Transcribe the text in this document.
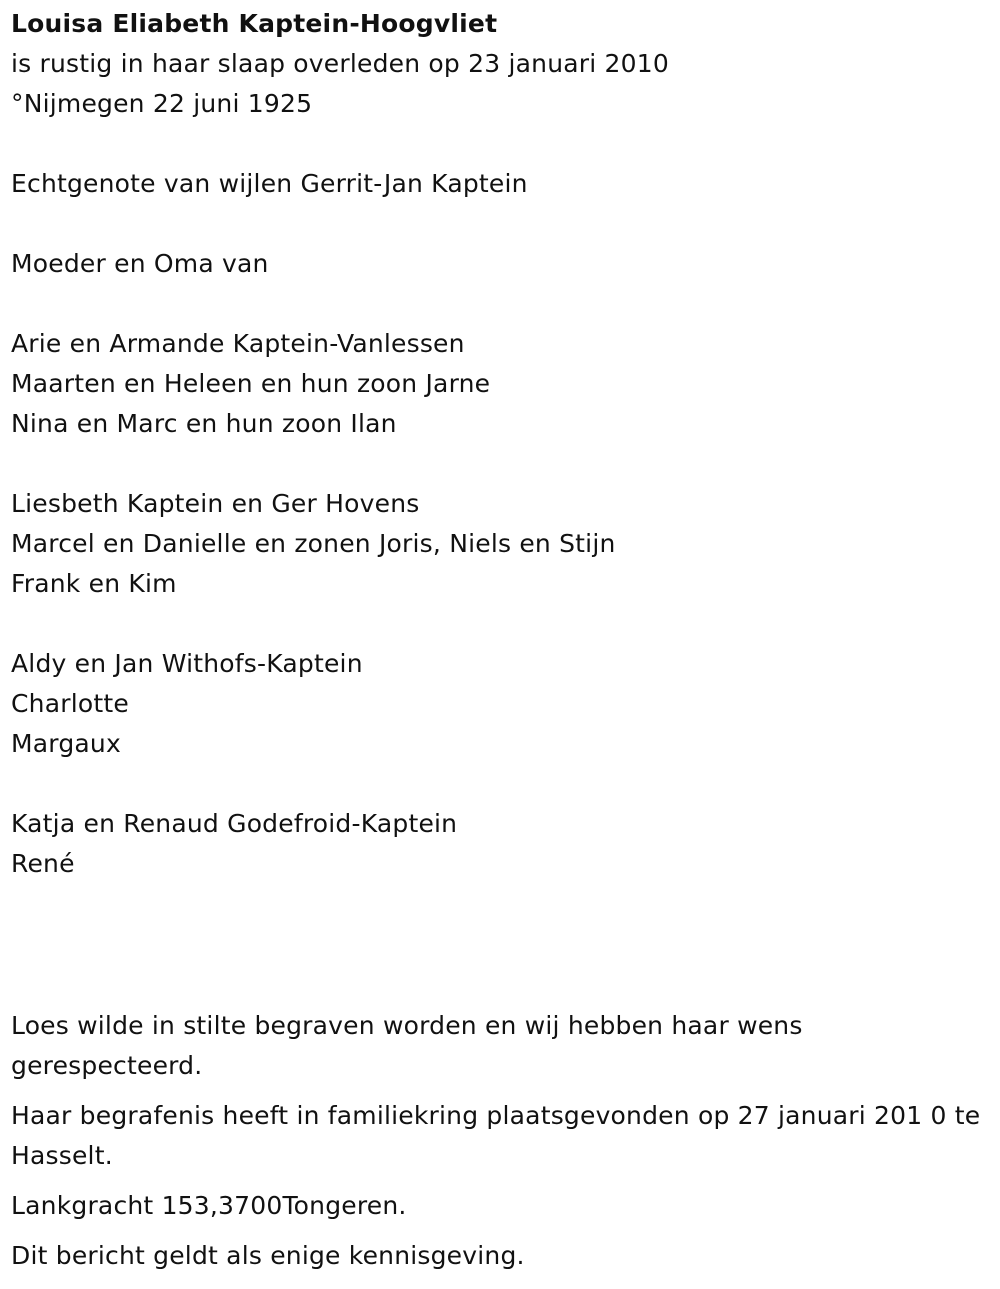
Louisa Eliabeth Kaptein-Hoogvliet
is rustig in haar slaap overleden op 23 januari 2010
°Nijmegen 22 juni 1925
Echtgenote van wijlen Gerrit-Jan Kaptein
Moeder en Oma van
Arie en Armande Kaptein-Vanlessen
Maarten en Heleen en hun zoon Jarne
Nina en Marc en hun zoon Ilan
Liesbeth Kaptein en Ger Hovens
Marcel en Danielle en zonen Joris, Niels en Stijn
Frank en Kim
Aldy en Jan Withofs-Kaptein
Charlotte
Margaux
Katja en Renaud Godefroid-Kaptein
René

Loes wilde in stilte begraven worden en wij hebben haar wens gerespecteerd.

Haar begrafenis heeft in familiekring plaatsgevonden op 27 januari 201 0 te Hasselt.

Lankgracht 153,3700Tongeren.

Dit bericht geldt als enige kennisgeving.
